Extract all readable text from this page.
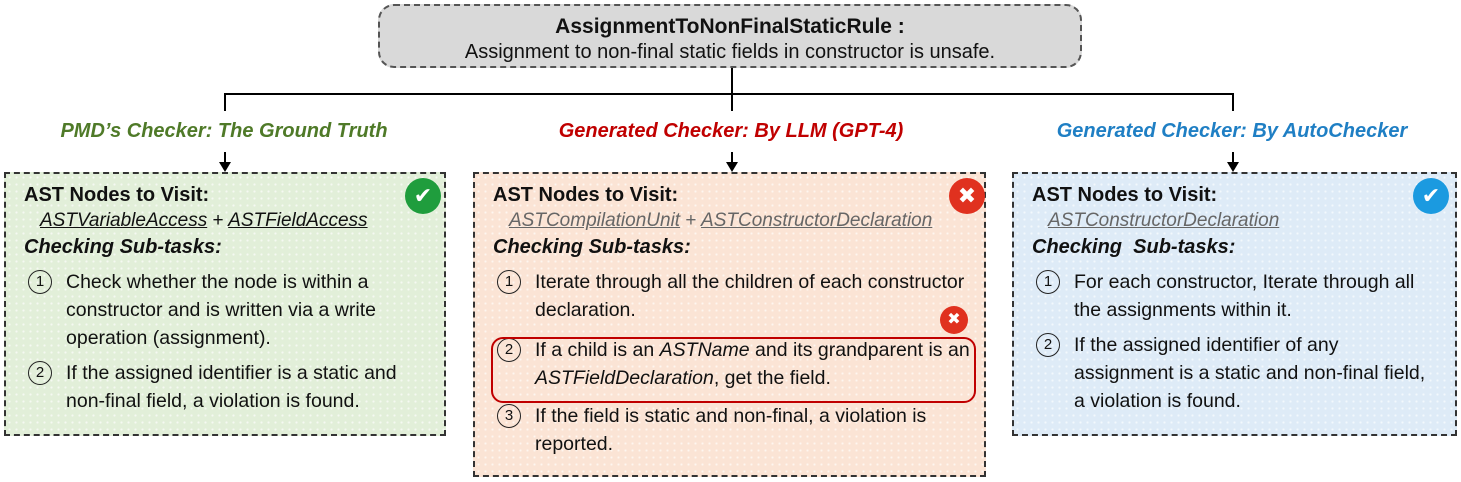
AssignmentToNonFinalStaticRule :
Assignment to non-final static fields in constructor is unsafe.
PMD’s Checker: The Ground Truth	Generated Checker: By LLM (GPT-4)	Generated Checker: By AutoChecker
AST Nodes to Visit:
ASTVariableAccess + ASTFieldAccess
Checking Sub-tasks:
1	Check whether the node is within a constructor and is written via a write operation (assignment).
2	If the assigned identifier is a static and non-final field, a violation is found.
✔	AST Nodes to Visit:
ASTCompilationUnit + ASTConstructorDeclaration
Checking Sub-tasks:
1	Iterate through all the children of each constructor declaration.
2	If a child is an ASTName and its grandparent is an ASTFieldDeclaration, get the field.
3	If the field is static and non-final, a violation is reported.
✖
✖
AST Nodes to Visit:
ASTConstructorDeclaration
Checking  Sub-tasks:
1	For each constructor, Iterate through all the assignments within it.
2	If the assigned identifier of any assignment is a static and non-final field, a violation is found.
✔
